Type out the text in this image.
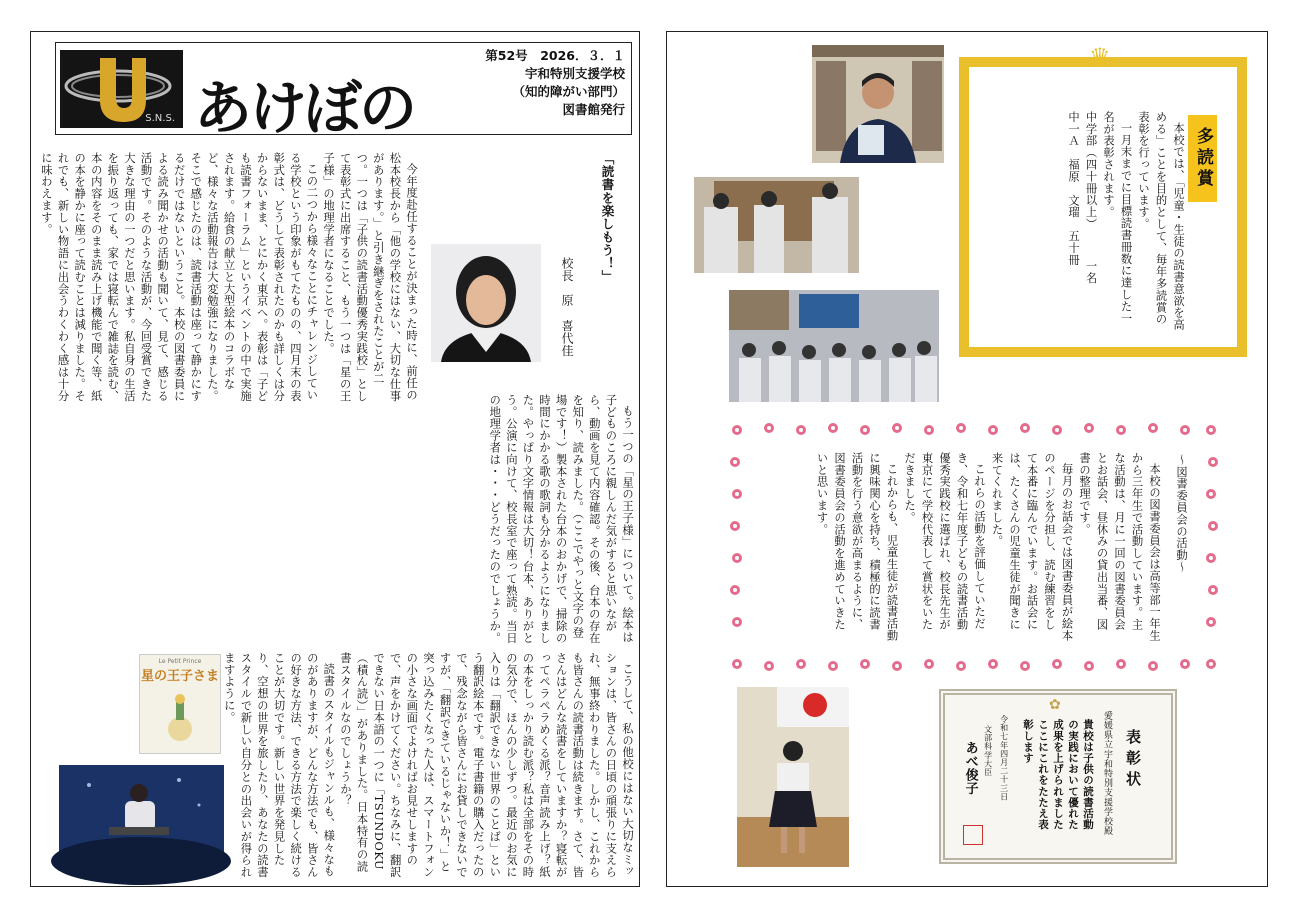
S.N.S. あけぼの
第52号　 2026．３．１
宇和特別支援学校
（知的障がい部門）
図書館発行
「読書を楽しもう！」
校長
原　喜代佳

今年度赴任することが決まった時に、前任の松本校長から「他の学校にはない、大切な仕事があります。」と引き継ぎをされたことが二つ。一つは「子供の読書活動優秀実践校」として表彰式に出席すること、もう一つは「星の王子様」の地理学者になることでした。

この二つから様々なことにチャレンジしている学校という印象がもてたものの、四月末の表彰式は、どうして表彰されたのかも詳しくは分からないまま、とにかく東京へ。表彰は「子ども読書フォーラム」というイベントの中で実施されます。給食の献立と大型絵本のコラボなど、様々な活動報告は大変勉強になりました。そこで感じたのは、読書活動は座って静かにするだけではないということ。本校の図書委員による読み聞かせの活動も聞いて、見て、感じる活動です。そのような活動が、今回受賞できた大きな理由の一つだと思います。私自身の生活を振り返っても、家では寝転んで雑誌を読む、本の内容をそのまま読み上げ機能で聞く等、紙の本を静かに座って読むことは減りました。それでも、新しい物語に出会うわくわく感は十分に味わえます。

もう一つの「星の王子様」について。絵本は子どものころに親しんだ気がすると思いながら、動画を見て内容確認。その後、台本の存在を知り、読みました。（ここでやっと文字の登場です！）製本された台本のおかげで、掃除の時間にかかる歌の歌詞も分かるようになりました。やっぱり文字情報は大切！台本、ありがとう。公演に向けて、校長室で座って熟読。当日の地理学者は・・・どうだったのでしょうか。

こうして、私の他校にはない大切なミッションは、皆さんの日頃の頑張りに支えられ、無事終わりました。しかし、これからも皆さんの読書活動は続きます。さて、皆さんはどんな読書をしていますか？寝転がってペラペラめくる派？音声読み上げ？紙の本をしっかり読む派？私は全部をその時の気分で、ほんの少しずつ。最近のお気に入りは「翻訳できない世界のことば」という翻訳絵本です。電子書籍の購入だったので、残念ながら皆さんにお貸しできないですが、「翻訳できているじゃないか！」と突っ込みたくなった人は、スマートフォンの小さな画面でよければお見せしますので、声をかけてください。ちなみに、翻訳できない日本語の一つに「TSUNDOKU（積ん読）」がありました。日本特有の読書スタイルなのでしょうか？

読書のスタイルもジャンルも、様々なものがありますが、どんな方法でも、皆さんの好きな方法、できる方法で楽しく続けることが大切です。新しい世界を発見したり、空想の世界を旅したり、あなたの読書スタイルで新しい自分との出会いが得られますように。

Le Petit Prince
星の王子さま
♛
多読賞

本校では、「児童・生徒の読書意欲を高める」ことを目的として、毎年多読賞の表彰を行っています。

一月末までに目標読書冊数に達した一名が表彰されます。

中学部（四十冊以上）　　　一名

中一Ａ　福原　文瑠　五十冊

～図書委員会の活動～

本校の図書委員会は高等部一年生から三年生で活動しています。主な活動は、月に一回の図書委員会とお話会、昼休みの貸出当番、図書の整理です。

毎月のお話会では図書委員が絵本のページを分担し、読む練習をして本番に臨んでいます。お話会には、たくさんの児童生徒が聞きに来てくれました。

これらの活動を評価していただき、令和七年度子どもの読書活動優秀実践校に選ばれ、校長先生が東京にて学校代表して賞状をいただきました。

これからも、児童生徒が読書活動に興味関心を持ち、積極的に読書活動を行う意欲が高まるように、図書委員会の活動を進めていきたいと思います。

✿
表彰状
愛媛県立宇和特別支援学校殿
貴校は子供の読書活動の実践において優れた成果を上げられましたここにこれをたたえ表彰します
令和七年四月二十三日
文部科学大臣
あべ俊子
